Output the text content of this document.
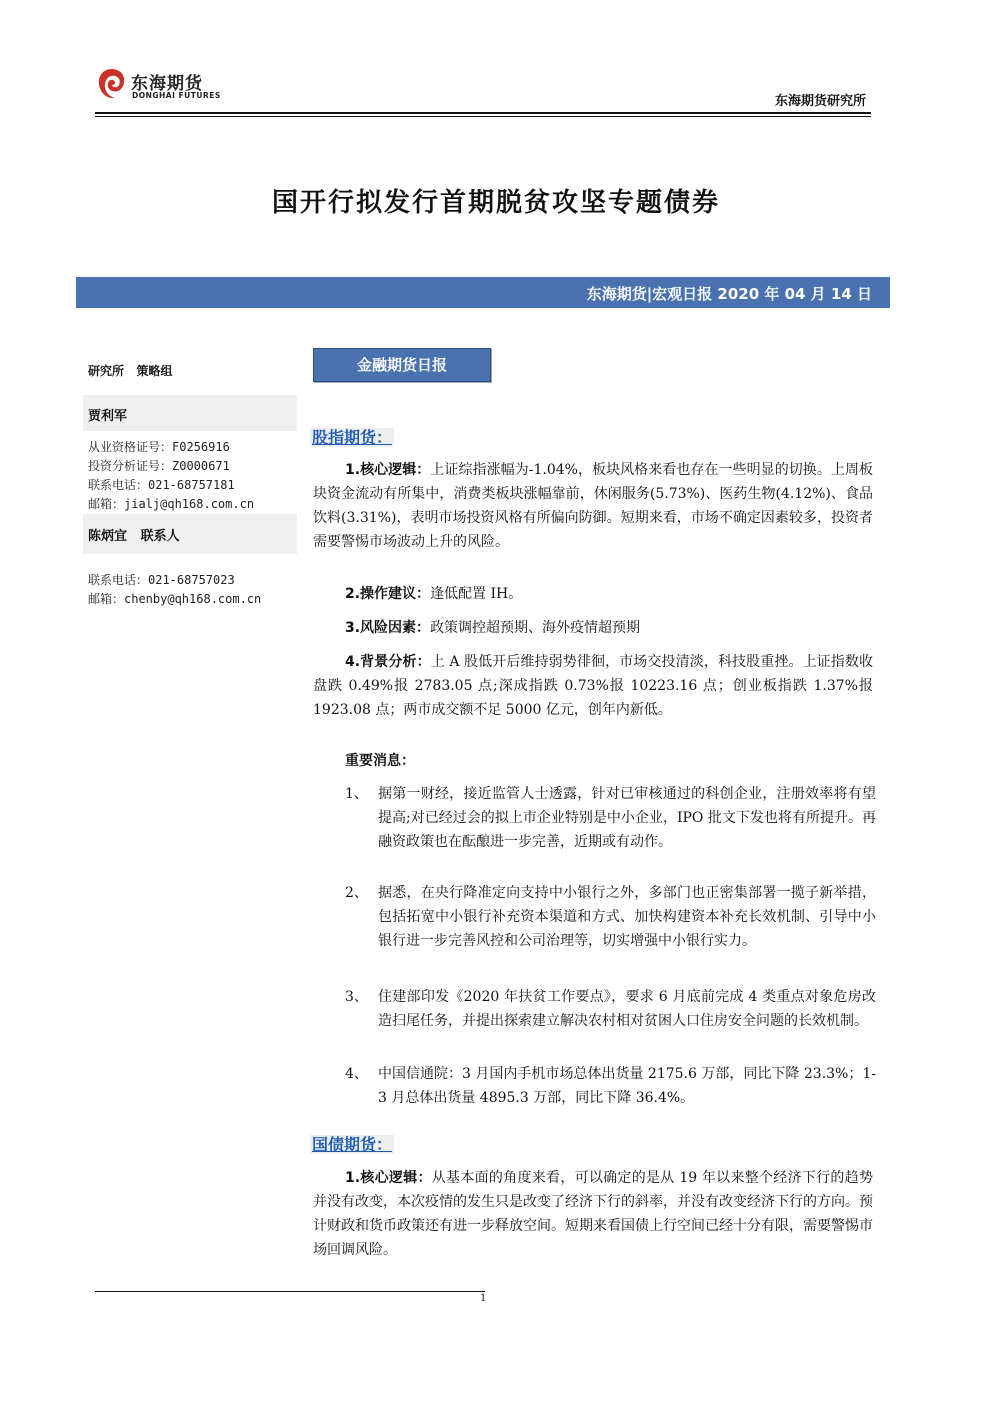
东海期货
DONGHAI FUTURES	东海期货研究所
国开行拟发行首期脱贫攻坚专题债券
东海期货|宏观日报 2020 年 04 月 14 日
研究所   策略组
贾利军
从业资格证号：F0256916
投资分析证号：Z0000671
联系电话：021-68757181
邮箱：jialj@qh168.com.cn
陈炳宜   联系人
联系电话：021-68757023
邮箱：chenby@qh168.com.cn
金融期货日报
股指期货：
1.核心逻辑：上证综指涨幅为-1.04%，板块风格来看也存在一些明显的切换。上周板块资金流动有所集中，消费类板块涨幅靠前，休闲服务(5.73%)、医药生物(4.12%)、食品饮料(3.31%)，表明市场投资风格有所偏向防御。短期来看，市场不确定因素较多，投资者需要警惕市场波动上升的风险。
2.操作建议：逢低配置 IH。
3.风险因素：政策调控超预期、海外疫情超预期
4.背景分析：上 A 股低开后维持弱势徘徊，市场交投清淡，科技股重挫。上证指数收盘跌 0.49%报 2783.05 点;深成指跌 0.73%报 10223.16 点；创业板指跌 1.37%报 1923.08 点；两市成交额不足 5000 亿元，创年内新低。
重要消息：
1、 据第一财经，接近监管人士透露，针对已审核通过的科创企业，注册效率将有望提高;对已经过会的拟上市企业特别是中小企业，IPO 批文下发也将有所提升。再融资政策也在酝酿进一步完善，近期或有动作。
2、 据悉，在央行降准定向支持中小银行之外，多部门也正密集部署一揽子新举措，包括拓宽中小银行补充资本渠道和方式、加快构建资本补充长效机制、引导中小银行进一步完善风控和公司治理等，切实增强中小银行实力。
3、 住建部印发《2020 年扶贫工作要点》，要求 6 月底前完成 4 类重点对象危房改造扫尾任务，并提出探索建立解决农村相对贫困人口住房安全问题的长效机制。
4、 中国信通院：3 月国内手机市场总体出货量 2175.6 万部，同比下降 23.3%；1-3 月总体出货量 4895.3 万部，同比下降 36.4%。
国债期货：
1.核心逻辑：从基本面的角度来看，可以确定的是从 19 年以来整个经济下行的趋势并没有改变，本次疫情的发生只是改变了经济下行的斜率，并没有改变经济下行的方向。预计财政和货币政策还有进一步释放空间。短期来看国债上行空间已经十分有限，需要警惕市场回调风险。
1
